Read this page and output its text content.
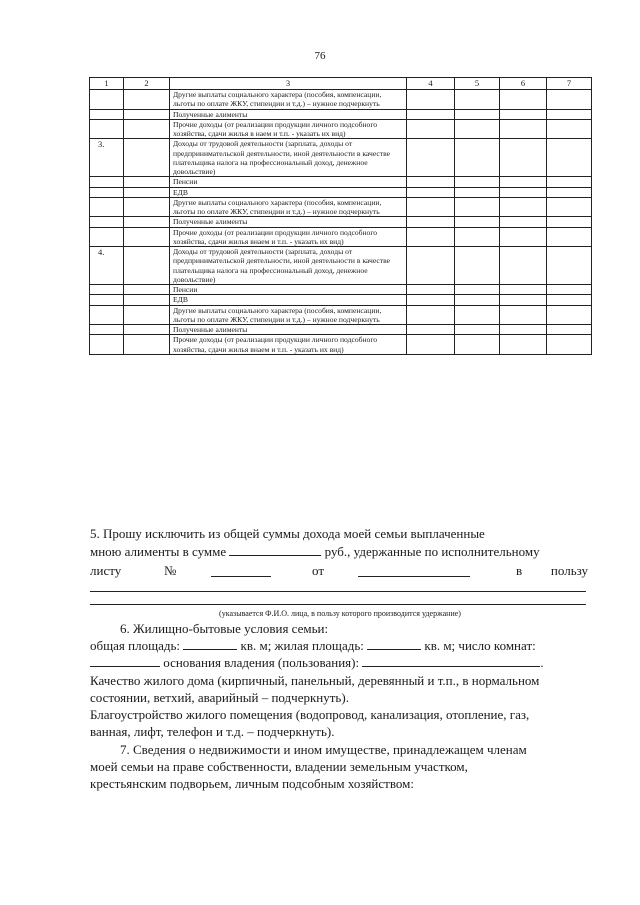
76
1	2	3	4	5	6	7
		Другие выплаты социального характера (пособия, компенсации, льготы по оплате ЖКУ, стипендии и т.д.) – нужное подчеркнуть				
		Полученные алименты				
		Прочие доходы (от реализации продукции личного подсобного хозяйства, сдачи жилья в наем и т.п. - указать их вид)				
3.		Доходы от трудовой деятельности (зарплата, доходы от предпринимательской деятельности, иной деятельности в качестве плательщика налога на профессиональный доход, денежное довольствие)				
		Пенсии				
		ЕДВ				
		Другие выплаты социального характера (пособия, компенсации, льготы по оплате ЖКУ, стипендии и т.д.) – нужное подчеркнуть				
		Полученные алименты				
		Прочие доходы (от реализации продукции личного подсобного хозяйства, сдачи жилья внаем и т.п. - указать их вид)				
4.		Доходы от трудовой деятельности (зарплата, доходы от предпринимательской деятельности, иной деятельности в качестве плательщика налога на профессиональный доход, денежное довольствие)				
		Пенсии				
		ЕДВ				
		Другие выплаты социального характера (пособия, компенсации, льготы по оплате ЖКУ, стипендии и т.д.) – нужное подчеркнуть				
		Полученные алименты				
		Прочие доходы (от реализации продукции личного подсобного хозяйства, сдачи жилья внаем и т.п. - указать их вид)				
5. Прошу исключить из общей суммы дохода моей семьи выплаченные
мною алименты в сумме	руб., удержанные по исполнительному
листу	№	от	в пользу
(указывается Ф.И.О. лица, в пользу которого производится удержание)
6. Жилищно-бытовые условия семьи:
общая площадь:	кв. м; жилая площадь:	кв. м; число комнат:
основания владения (пользования):	.
Качество жилого дома (кирпичный, панельный, деревянный и т.п., в нормальном
состоянии, ветхий, аварийный – подчеркнуть).
Благоустройство жилого помещения (водопровод, канализация, отопление, газ,
ванная, лифт, телефон и т.д. – подчеркнуть).
7. Сведения о недвижимости и ином имуществе, принадлежащем членам
моей семьи на праве собственности, владении земельным участком,
крестьянским подворьем, личным подсобным хозяйством:
